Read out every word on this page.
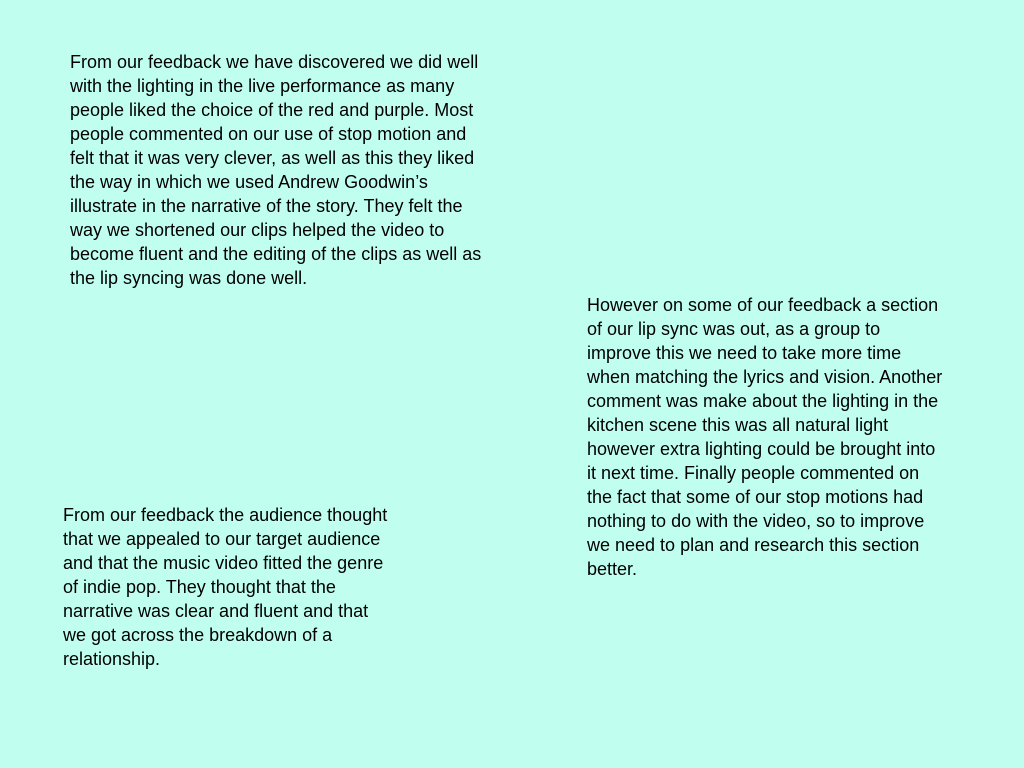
From our feedback we have discovered we did well
with the lighting in the live performance as many
people liked the choice of the red and purple. Most
people commented on our use of stop motion and
felt that it was very clever, as well as this they liked
the way in which we used Andrew Goodwin’s
illustrate in the narrative of the story. They felt the
way we shortened our clips helped the video to
become fluent and the editing of the clips as well as
the lip syncing was done well.

However on some of our feedback a section
of our lip sync was out, as a group to
improve this we need to take more time
when matching the lyrics and vision. Another
comment was make about the lighting in the
kitchen scene this was all natural light
however extra lighting could be brought into
it next time. Finally people commented on
the fact that some of our stop motions had
nothing to do with the video, so to improve
we need to plan and research this section
better.

From our feedback the audience thought
that we appealed to our target audience
and that the music video fitted the genre
of indie pop. They thought that the
narrative was clear and fluent and that
we got across the breakdown of a
relationship.
